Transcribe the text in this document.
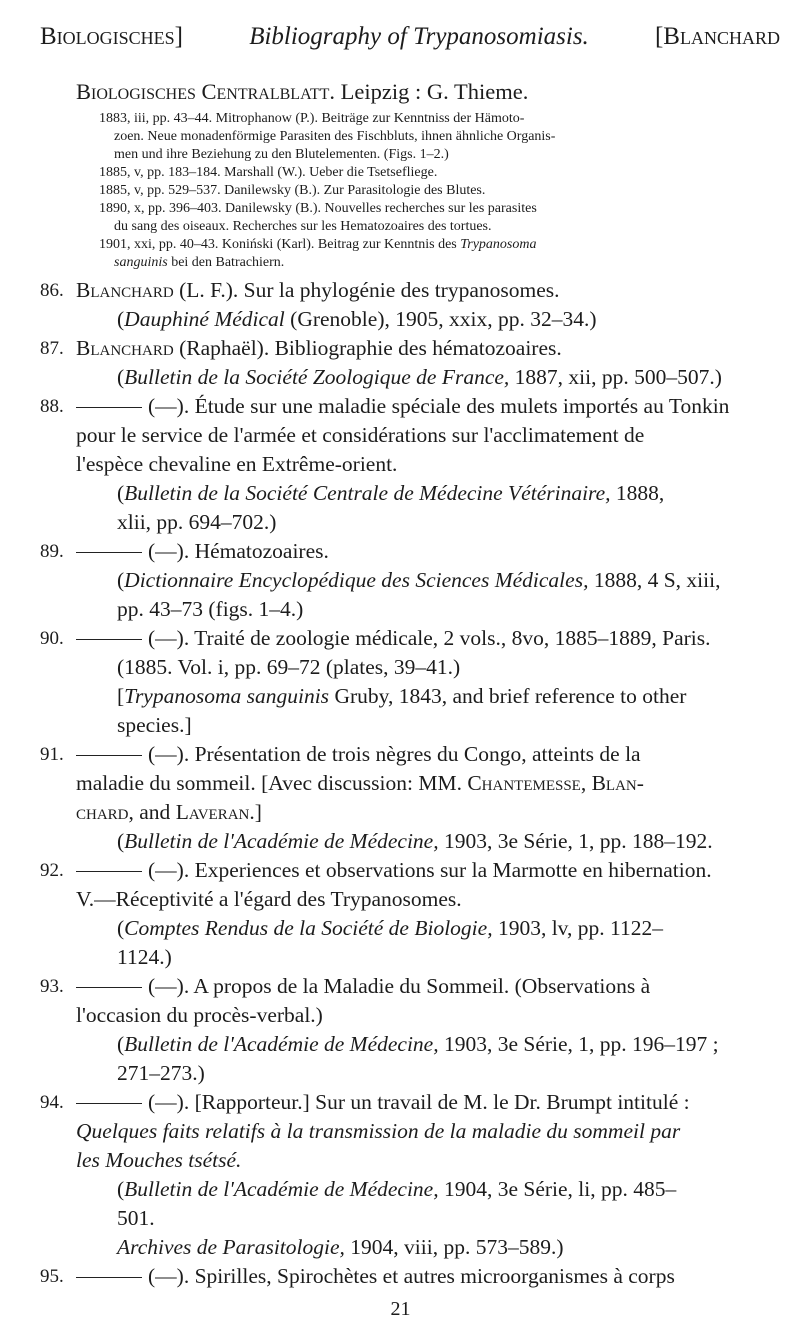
Biologisches]	Bibliography of Trypanosomiasis.	[Blanchard
Biologisches Centralblatt. Leipzig : G. Thieme.
1883, iii, pp. 43–44. Mitrophanow (P.). Beiträge zur Kenntniss der Hämoto-
zoen. Neue monadenförmige Parasiten des Fischbluts, ihnen ähnliche Organis-
men und ihre Beziehung zu den Blutelementen. (Figs. 1–2.)
1885, v, pp. 183–184. Marshall (W.). Ueber die Tsetsefliege.
1885, v, pp. 529–537. Danilewsky (B.). Zur Parasitologie des Blutes.
1890, x, pp. 396–403. Danilewsky (B.). Nouvelles recherches sur les parasites
du sang des oiseaux. Recherches sur les Hematozoaires des tortues.
1901, xxi, pp. 40–43. Koniński (Karl). Beitrag zur Kenntnis des Trypanosoma
sanguinis bei den Batrachiern.
86. Blanchard (L. F.). Sur la phylogénie des trypanosomes.
(Dauphiné Médical (Grenoble), 1905, xxix, pp. 32–34.)
87. Blanchard (Raphaël). Bibliographie des hématozoaires.
(Bulletin de la Société Zoologique de France, 1887, xii, pp. 500–507.)
88.	(—). Étude sur une maladie spéciale des mulets importés au Tonkin
pour le service de l'armée et considérations sur l'acclimatement de
l'espèce chevaline en Extrême-orient.
(Bulletin de la Société Centrale de Médecine Vétérinaire, 1888,
xlii, pp. 694–702.)
89.	(—). Hématozoaires.
(Dictionnaire Encyclopédique des Sciences Médicales, 1888, 4 S, xiii,
pp. 43–73 (figs. 1–4.)
90.	(—). Traité de zoologie médicale, 2 vols., 8vo, 1885–1889, Paris.
(1885. Vol. i, pp. 69–72 (plates, 39–41.)
[Trypanosoma sanguinis Gruby, 1843, and brief reference to other
species.]
91.	(—). Présentation de trois nègres du Congo, atteints de la
maladie du sommeil. [Avec discussion: MM. Chantemesse, Blan-
chard, and Laveran.]
(Bulletin de l'Académie de Médecine, 1903, 3e Série, 1, pp. 188–192.
92.	(—). Experiences et observations sur la Marmotte en hibernation.
V.—Réceptivité a l'égard des Trypanosomes.
(Comptes Rendus de la Société de Biologie, 1903, lv, pp. 1122–
1124.)
93.	(—). A propos de la Maladie du Sommeil. (Observations à
l'occasion du procès-verbal.)
(Bulletin de l'Académie de Médecine, 1903, 3e Série, 1, pp. 196–197 ;
271–273.)
94.	(—). [Rapporteur.] Sur un travail de M. le Dr. Brumpt intitulé :
Quelques faits relatifs à la transmission de la maladie du sommeil par
les Mouches tsétsé.
(Bulletin de l'Académie de Médecine, 1904, 3e Série, li, pp. 485–
501.
Archives de Parasitologie, 1904, viii, pp. 573–589.)
95.	(—). Spirilles, Spirochètes et autres microorganismes à corps
21
